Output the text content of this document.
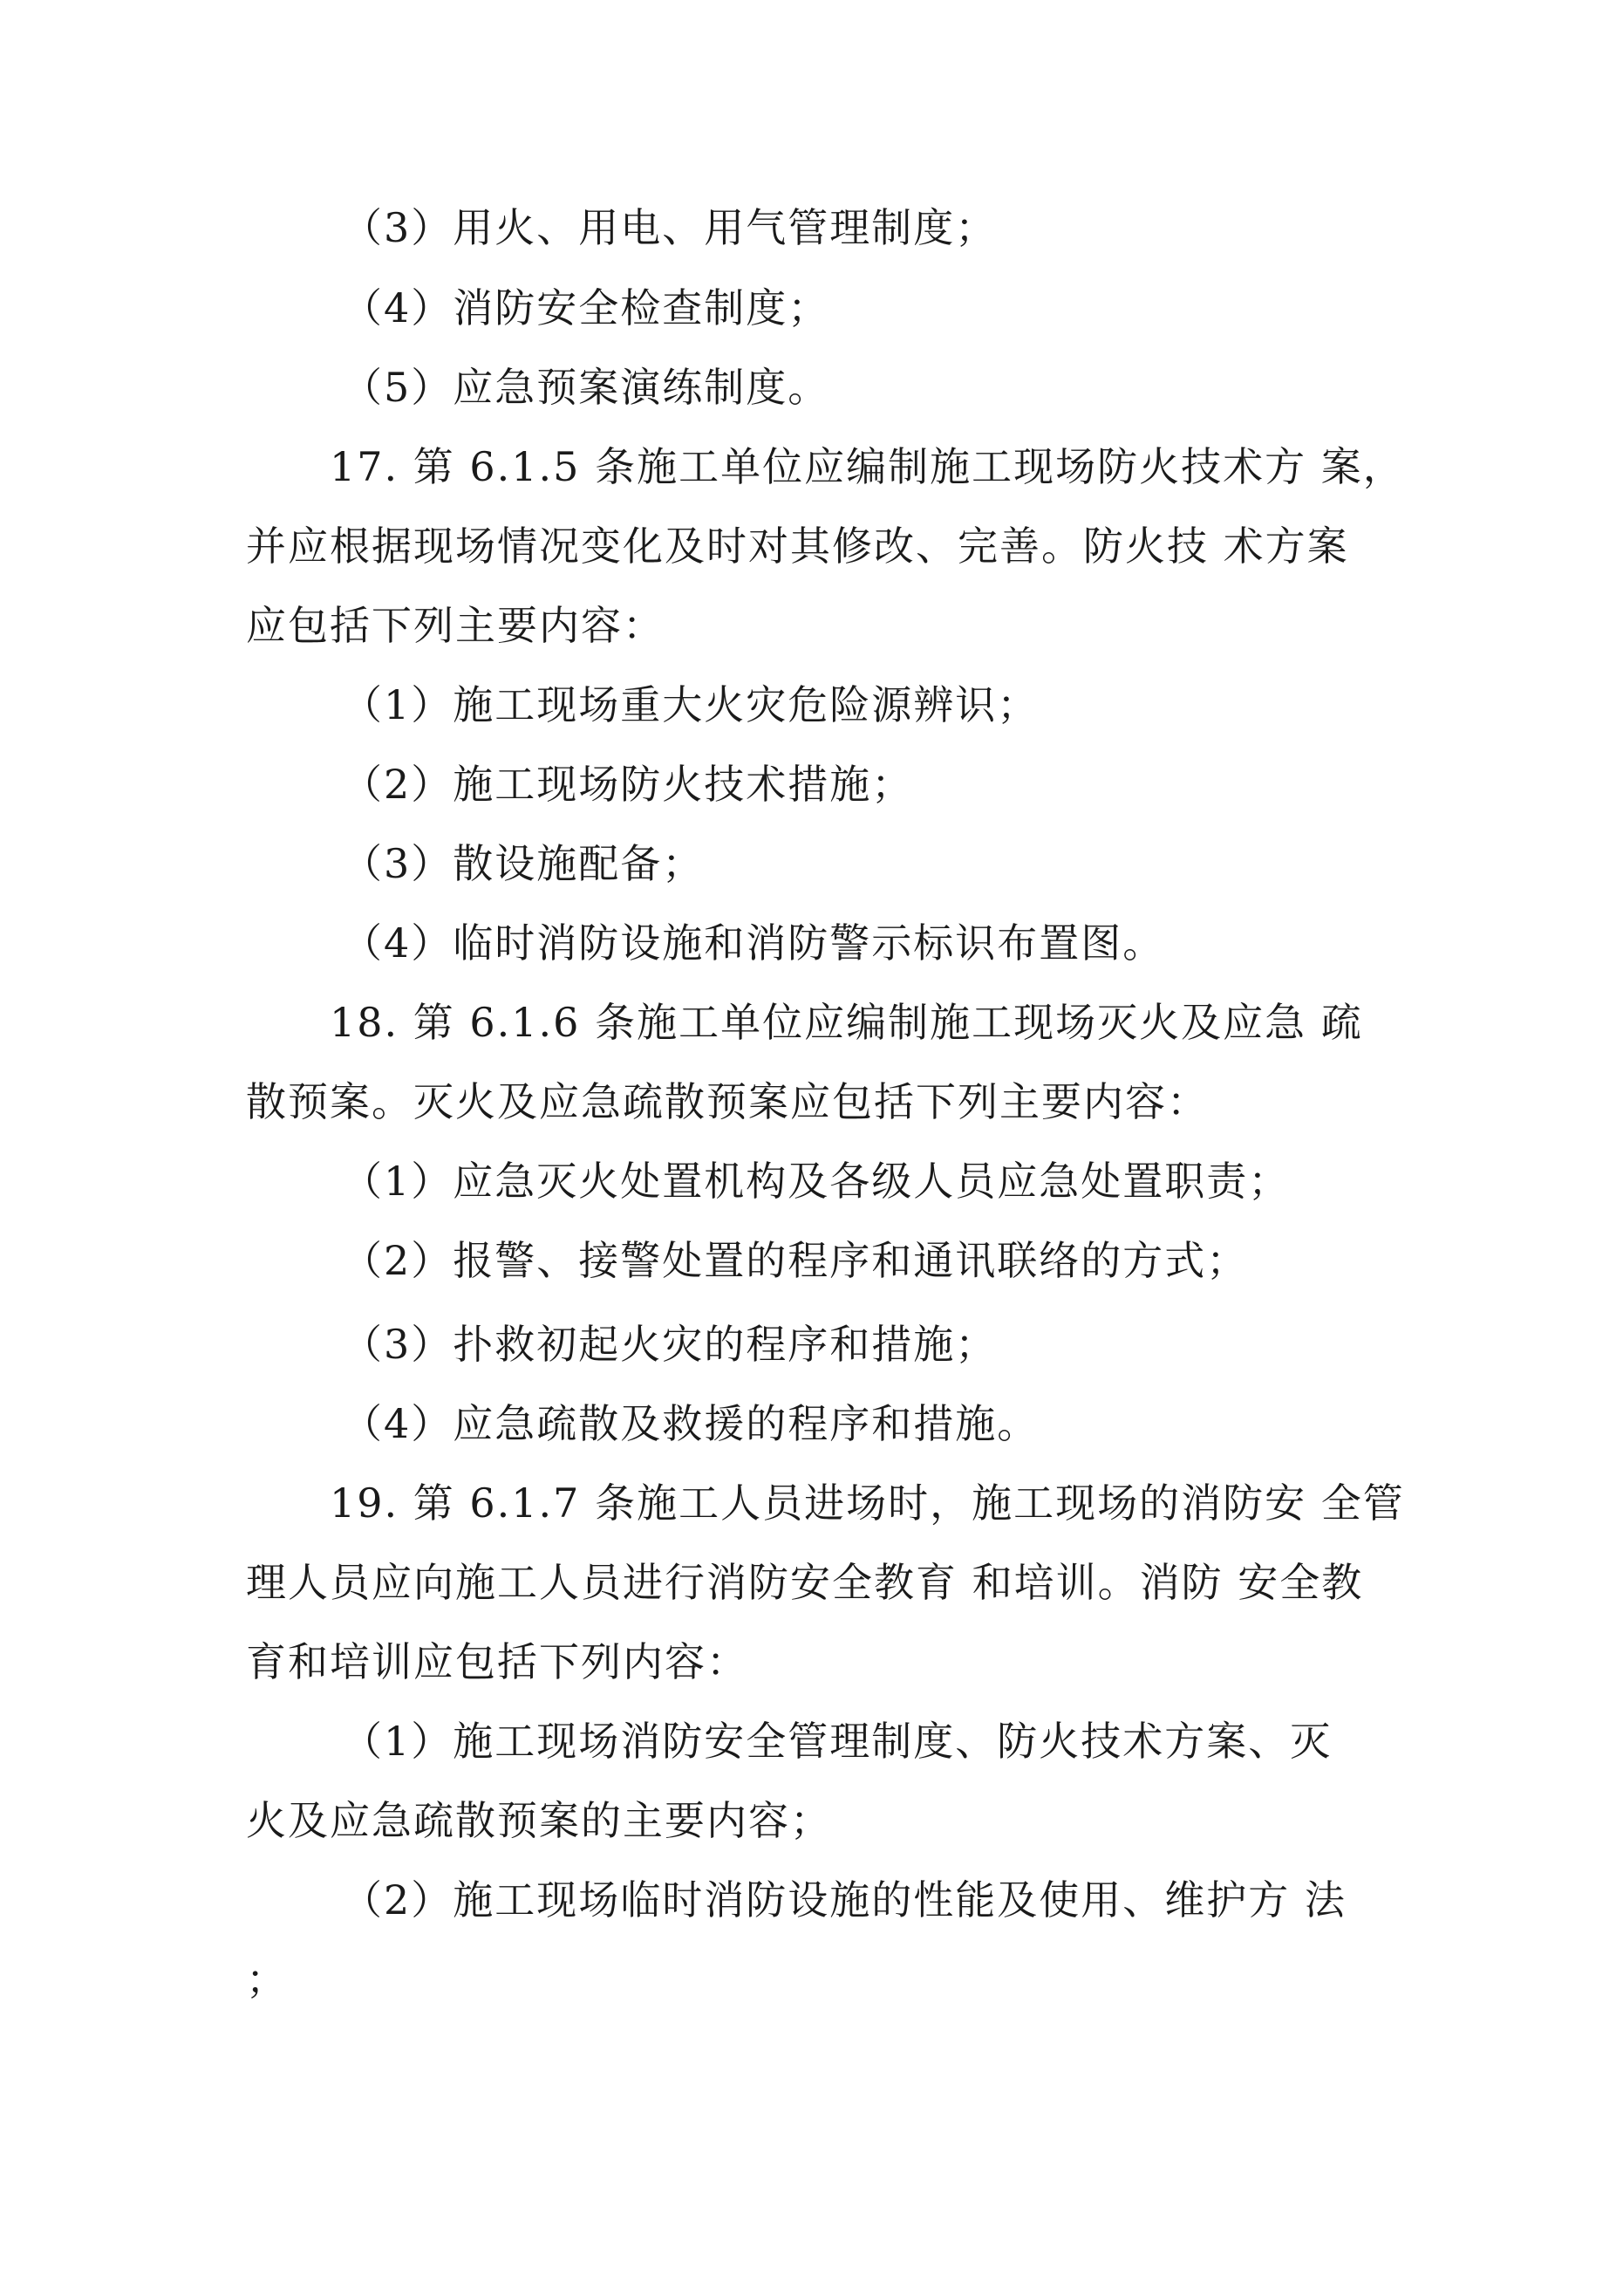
（3）用火、用电、用气管理制度；
（4）消防安全检查制度；
（5）应急预案演练制度。
17. 第 6.1.5 条施工单位应编制施工现场防火技术方 案，
并应根据现场情况变化及时对其修改、完善。防火技 术方案
应包括下列主要内容：
（1）施工现场重大火灾危险源辨识；
（2）施工现场防火技术措施；
（3）散设施配备；
（4）临时消防设施和消防警示标识布置图。
18. 第 6.1.6 条施工单位应编制施工现场灭火及应急 疏
散预案。灭火及应急疏散预案应包括下列主要内容：
（1）应急灭火处置机构及各级人员应急处置职责；
（2）报警、接警处置的程序和通讯联络的方式；
（3）扑救初起火灾的程序和措施；
（4）应急疏散及救援的程序和措施。
19. 第 6.1.7 条施工人员进场时，施工现场的消防安 全管
理人员应向施工人员进行消防安全教育 和培训。消防 安全教
育和培训应包括下列内容：
（1）施工现场消防安全管理制度、防火技术方案、灭
火及应急疏散预案的主要内容；
（2）施工现场临时消防设施的性能及使用、维护方 法
；
